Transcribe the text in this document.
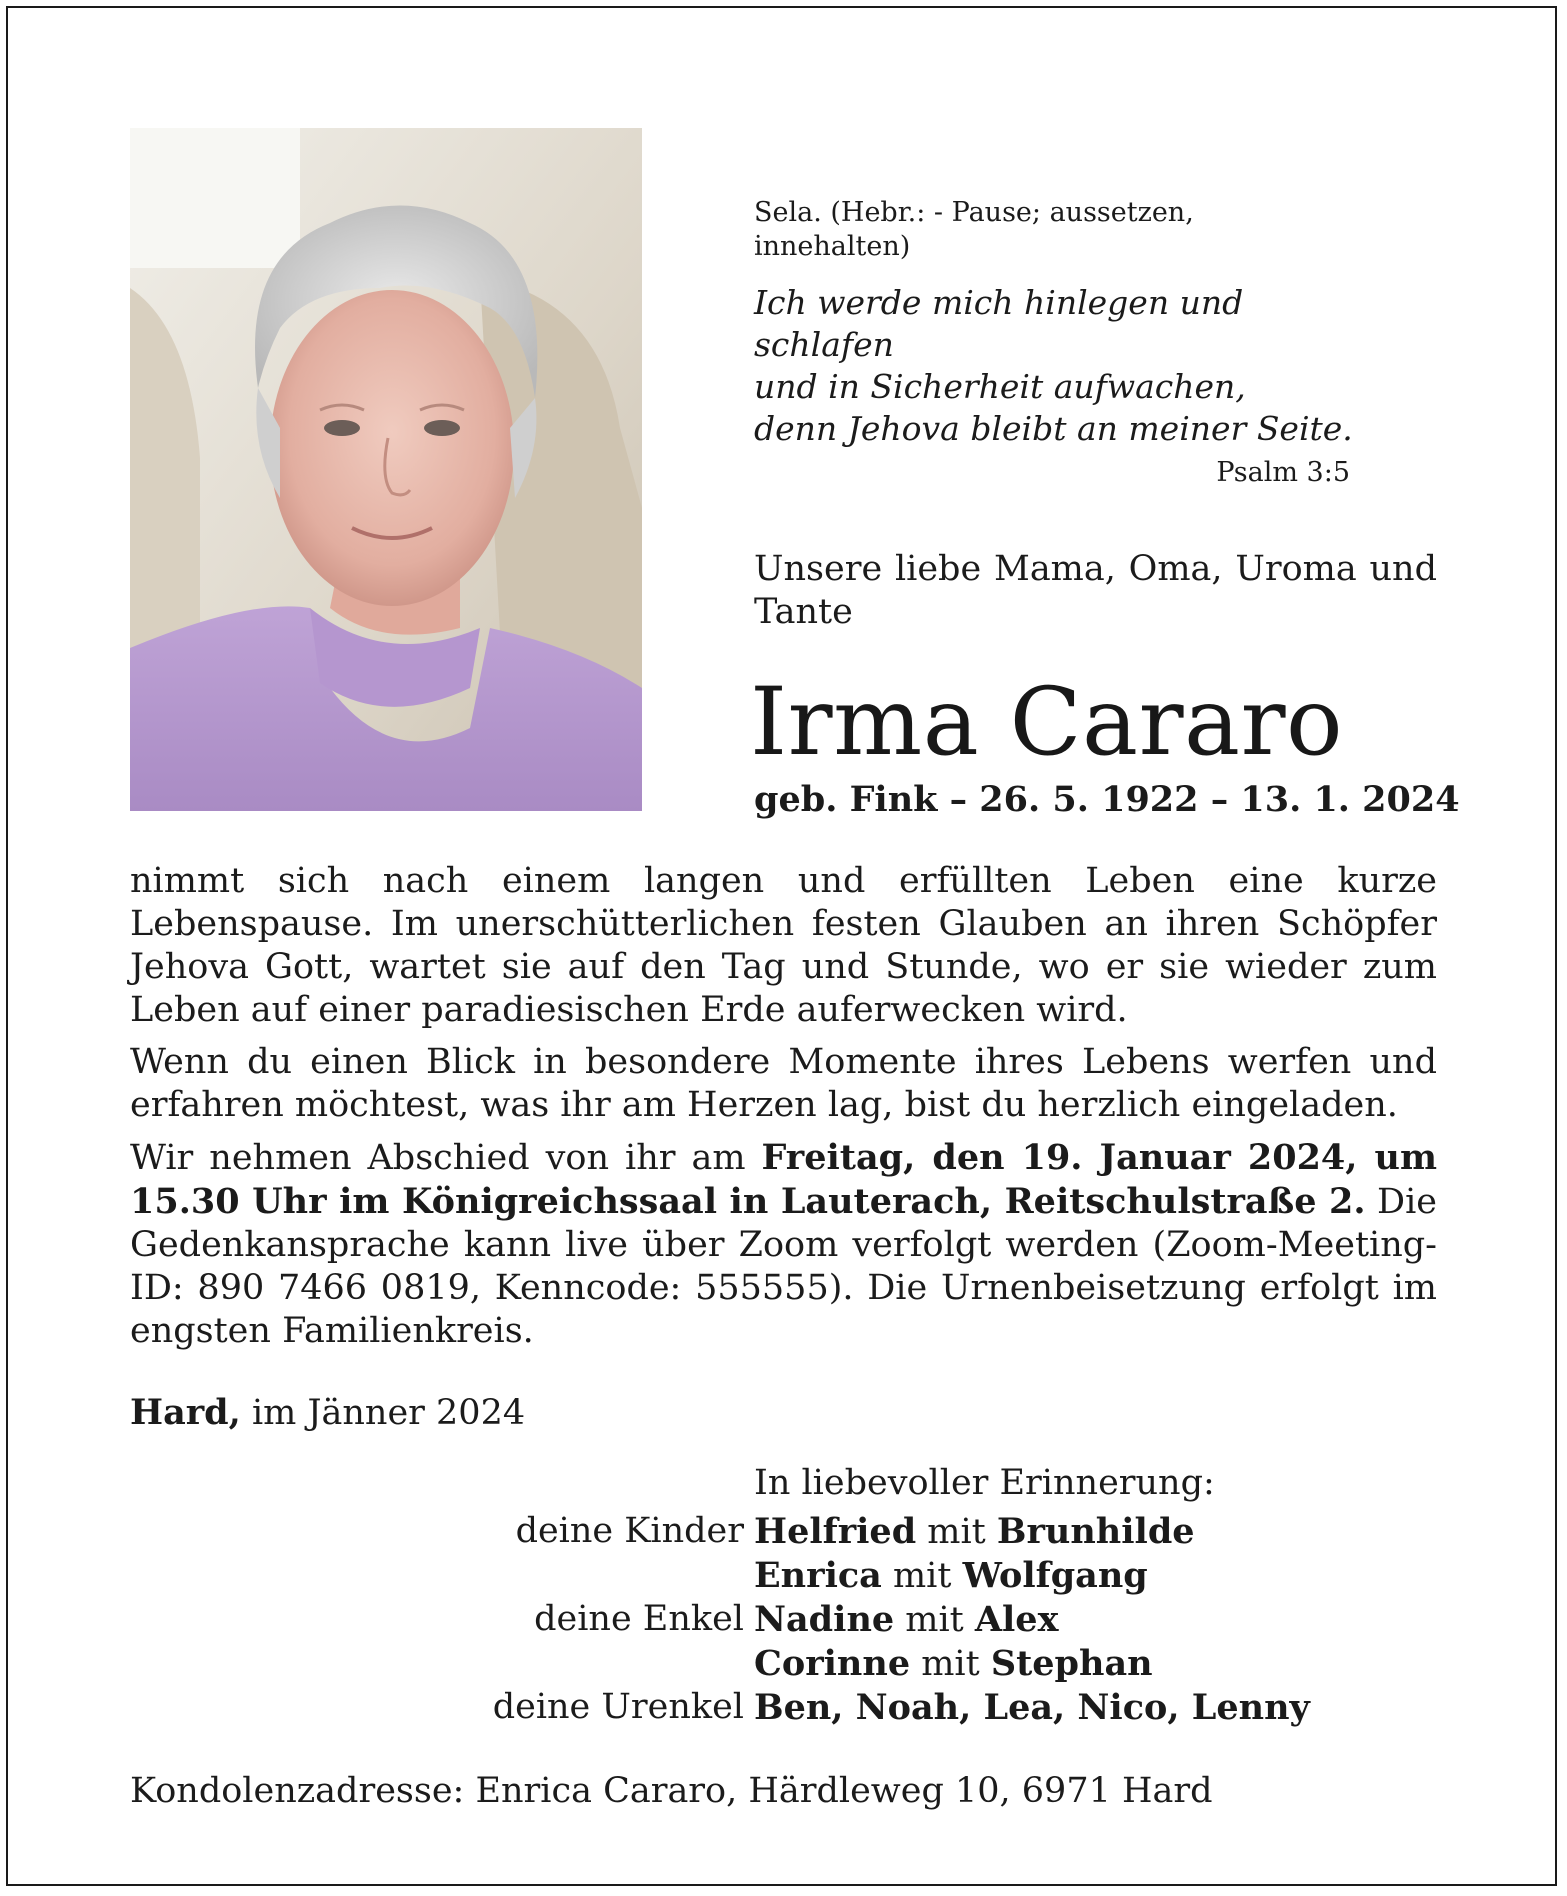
Sela. (Hebr.: - Pause; aussetzen, innehalten)
Ich werde mich hinlegen und schlafen
und in Sicherheit aufwachen,
denn Jehova bleibt an meiner Seite.
Psalm 3:5
Unsere liebe Mama, Oma, Uroma und Tante
Irma Cararo
geb. Fink – 26. 5. 1922 – 13. 1. 2024

nimmt sich nach einem langen und erfüllten Leben eine kurze Lebenspause. Im unerschütterlichen festen Glauben an ihren Schöpfer Jehova Gott, wartet sie auf den Tag und Stunde, wo er sie wieder zum Leben auf einer paradiesischen Erde auferwecken wird.

Wenn du einen Blick in besondere Momente ihres Lebens werfen und erfahren möchtest, was ihr am Herzen lag, bist du herzlich eingeladen.

Wir nehmen Abschied von ihr am Freitag, den 19. Januar 2024, um 15.30 Uhr im Königreichssaal in Lauterach, Reitschulstraße 2. Die Gedenkansprache kann live über Zoom verfolgt werden (Zoom-Meeting-ID: 890 7466 0819, Kenncode: 555555). Die Urnenbeisetzung erfolgt im engsten Familienkreis.

Hard, im Jänner 2024
In liebevoller Erinnerung:
deine Kinder Helfried mit Brunhilde
Enrica mit Wolfgang
deine Enkel Nadine mit Alex
Corinne mit Stephan
deine Urenkel Ben, Noah, Lea, Nico, Lenny
Kondolenzadresse: Enrica Cararo, Härdleweg 10, 6971 Hard
